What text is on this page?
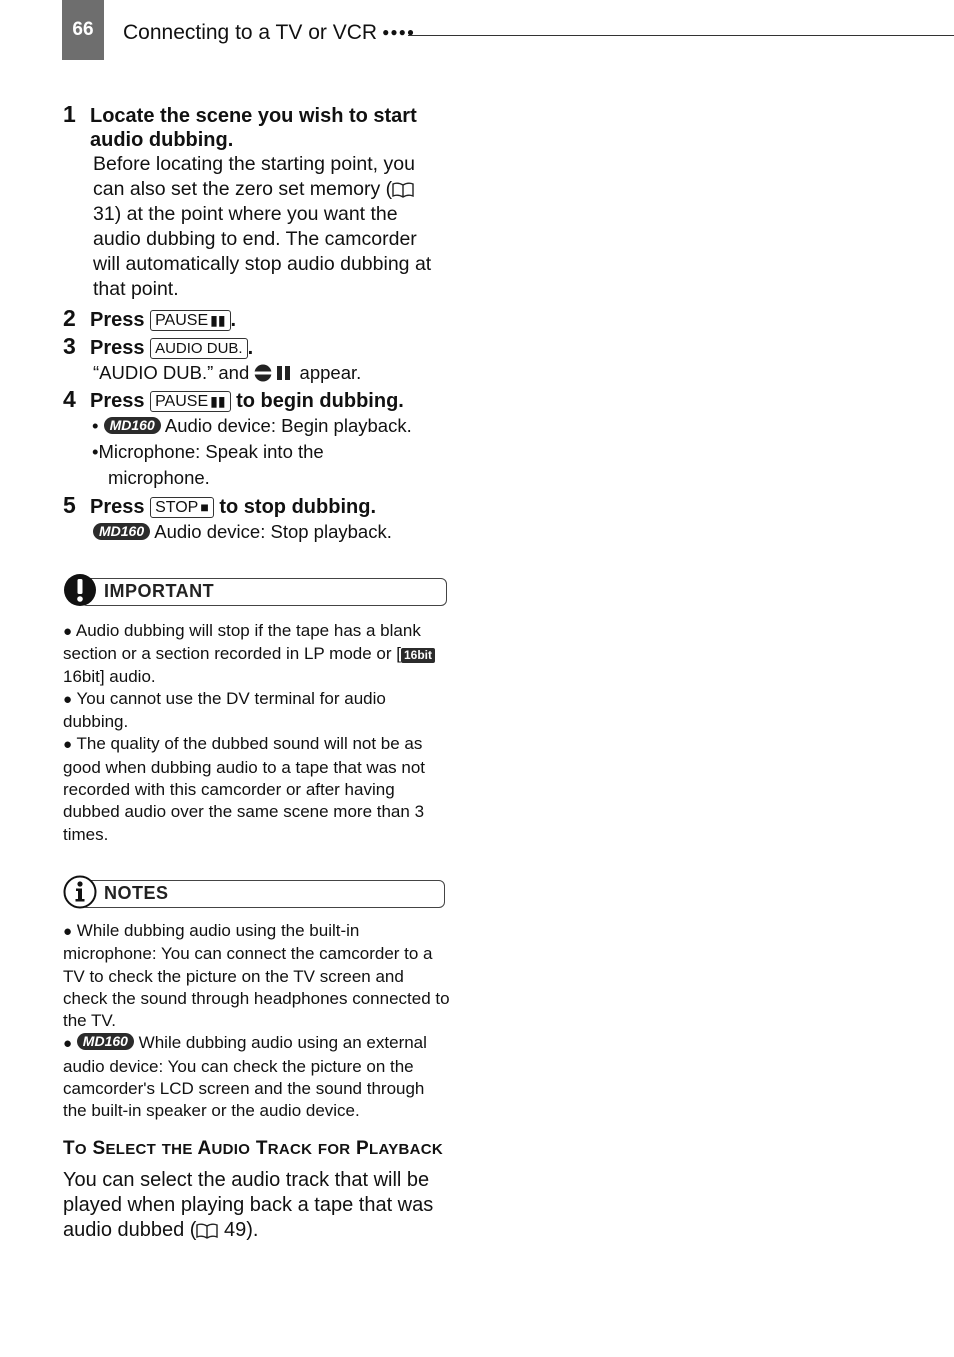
66	Connecting to a TV or VCR ●●●●
1 Locate the scene you wish to start audio dubbing.
Before locating the starting point, you can also set the zero set memory ( 31) at the point where you want the audio dubbing to end. The camcorder will automatically stop audio dubbing at that point.
2 Press PAUSE ▮▮ .
3 Press AUDIO DUB. .
“AUDIO DUB.” and	appear.
4 Press PAUSE ▮▮ to begin dubbing.
• MD160 Audio device: Begin playback.
•Microphone: Speak into the
microphone.
5 Press STOP ■ to stop dubbing.
MD160 Audio device: Stop playback.
IMPORTANT
● Audio dubbing will stop if the tape has a blank section or a section recorded in LP mode or [ 16bit 16bit] audio.
● You cannot use the DV terminal for audio dubbing.
● The quality of the dubbed sound will not be as good when dubbing audio to a tape that was not recorded with this camcorder or after having dubbed audio over the same scene more than 3 times.
NOTES
● While dubbing audio using the built-in microphone: You can connect the camcorder to a TV to check the picture on the TV screen and check the sound through headphones connected to the TV.
● MD160 While dubbing audio using an external audio device: You can check the picture on the camcorder's LCD screen and the sound through the built-in speaker or the audio device.
TO SELECT THE AUDIO TRACK FOR PLAYBACK
You can select the audio track that will be played when playing back a tape that was audio dubbed ( 49).
